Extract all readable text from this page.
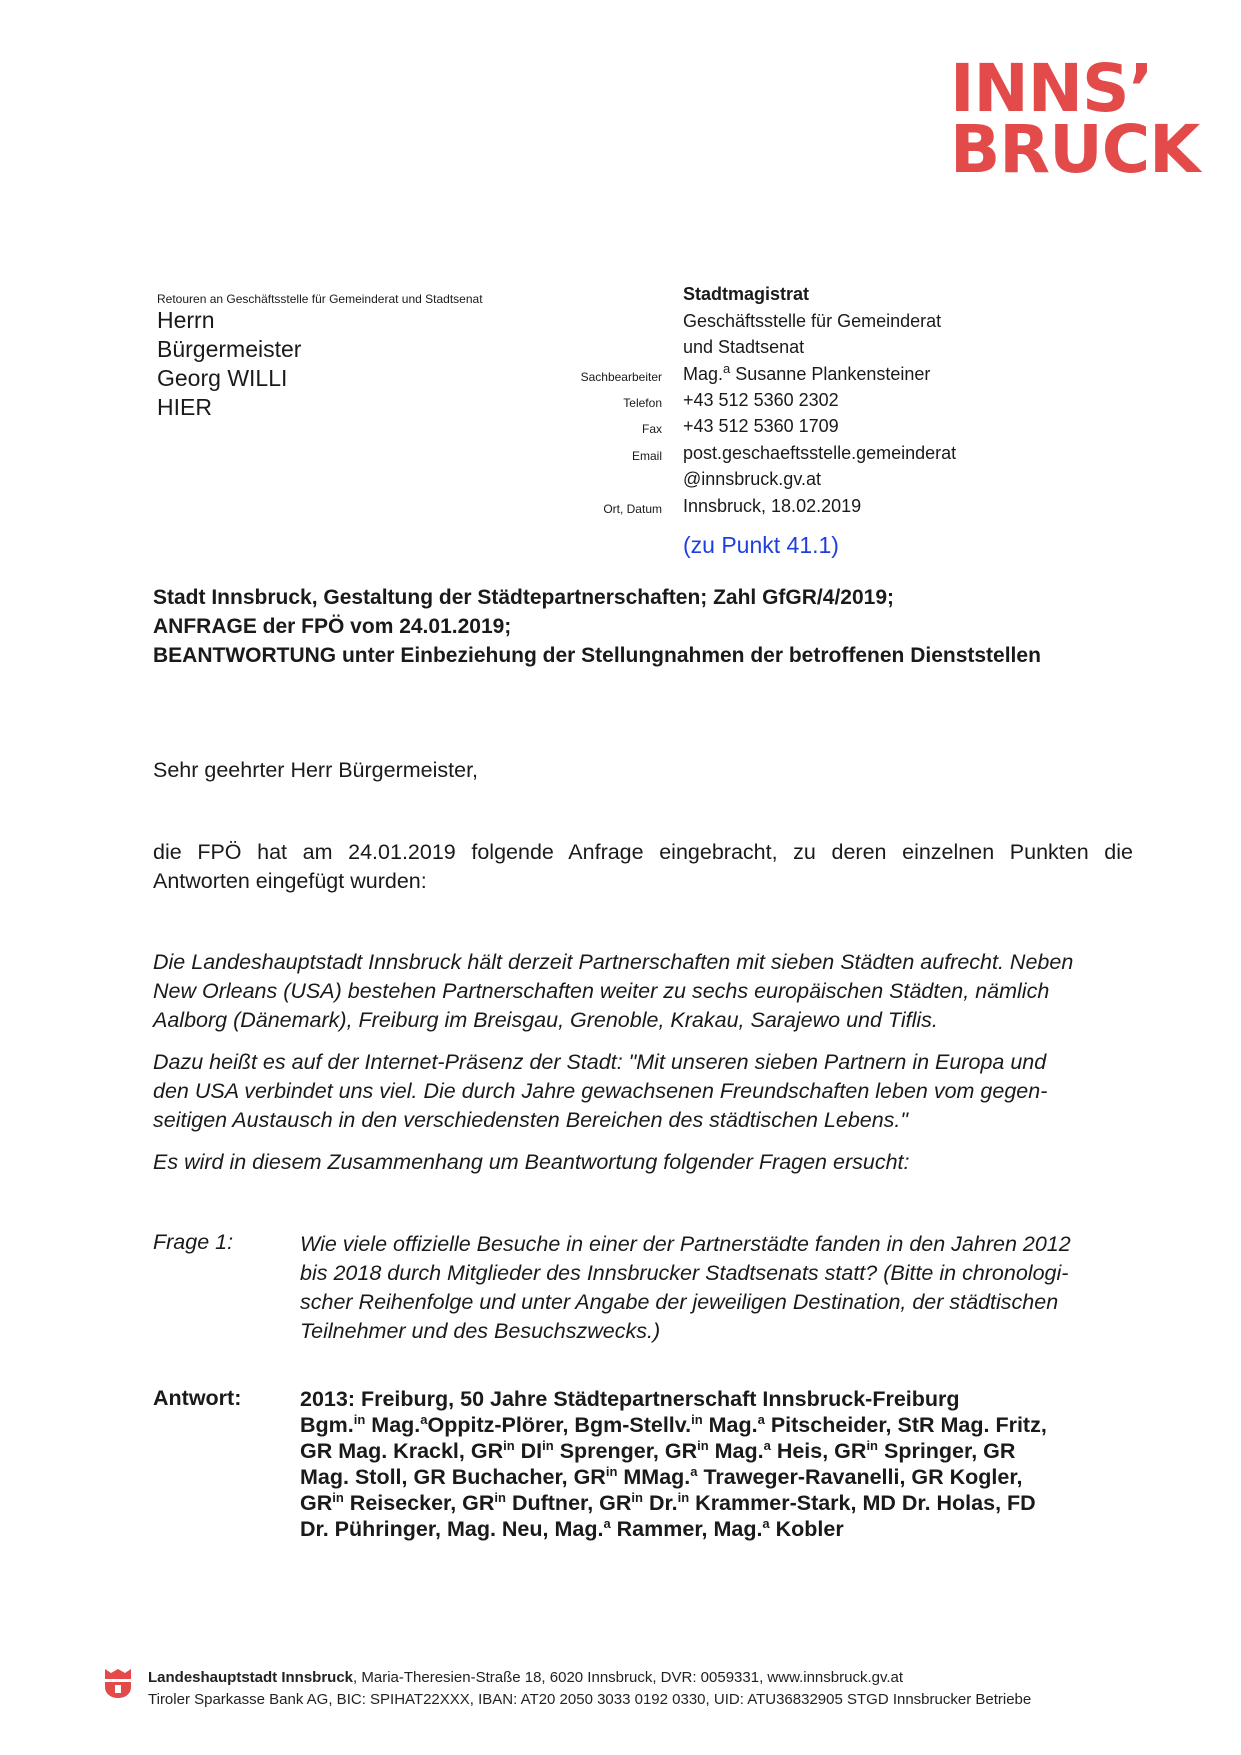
INNS’
BRUCK
Retouren an Geschäftsstelle für Gemeinderat und Stadtsenat
Herrn
Bürgermeister
Georg WILLI
HIER
Stadtmagistrat
Geschäftsstelle für Gemeinderat
und Stadtsenat
Sachbearbeiter Mag.$^a$ Susanne Plankensteiner
Telefon +43 512 5360 2302
Fax +43 512 5360 1709
Email post.geschaeftsstelle.gemeinderat
@innsbruck.gv.at
Ort, Datum Innsbruck, 18.02.2019
(zu Punkt 41.1)
Stadt Innsbruck, Gestaltung der Städtepartnerschaften; Zahl GfGR/4/2019;
ANFRAGE der FPÖ vom 24.01.2019;
BEANTWORTUNG unter Einbeziehung der Stellungnahmen der betroffenen Dienststellen
Sehr geehrter Herr Bürgermeister,
die FPÖ hat am 24.01.2019 folgende Anfrage eingebracht, zu deren einzelnen Punkten die
Antworten eingefügt wurden:
Die Landeshauptstadt Innsbruck hält derzeit Partnerschaften mit sieben Städten aufrecht. Neben
New Orleans (USA) bestehen Partnerschaften weiter zu sechs europäischen Städten, nämlich
Aalborg (Dänemark), Freiburg im Breisgau, Grenoble, Krakau, Sarajewo und Tiflis.
Dazu heißt es auf der Internet-Präsenz der Stadt: "Mit unseren sieben Partnern in Europa und
den USA verbindet uns viel. Die durch Jahre gewachsenen Freundschaften leben vom gegen-
seitigen Austausch in den verschiedensten Bereichen des städtischen Lebens."
Es wird in diesem Zusammenhang um Beantwortung folgender Fragen ersucht:
Frage 1:	Wie viele offizielle Besuche in einer der Partnerstädte fanden in den Jahren 2012
bis 2018 durch Mitglieder des Innsbrucker Stadtsenats statt? (Bitte in chronologi-
scher Reihenfolge und unter Angabe der jeweiligen Destination, der städtischen
Teilnehmer und des Besuchszwecks.)
Antwort:	2013: Freiburg, 50 Jahre Städtepartnerschaft Innsbruck-Freiburg
Bgm.$^{in}$ Mag.$^a$Oppitz-Plörer, Bgm-Stellv.$^{in}$ Mag.$^a$ Pitscheider, StR Mag. Fritz,
GR Mag. Krackl, $GR^{in}$ $DI^{in}$ Sprenger, $GR^{in}$ Mag.$^a$ Heis, $GR^{in}$ Springer, GR
Mag. Stoll, GR Buchacher, $GR^{in}$ MMag.$^a$ Traweger-Ravanelli, GR Kogler,
$GR^{in}$ Reisecker, $GR^{in}$ Duftner, $GR^{in}$ Dr.$^{in}$ Krammer-Stark, MD Dr. Holas, FD
Dr. Pühringer, Mag. Neu, Mag.$^a$ Rammer, Mag.$^a$ Kobler
Landeshauptstadt Innsbruck, Maria-Theresien-Straße 18, 6020 Innsbruck, DVR: 0059331, www.innsbruck.gv.at
Tiroler Sparkasse Bank AG, BIC: SPIHAT22XXX, IBAN: AT20 2050 3033 0192 0330, UID: ATU36832905 STGD Innsbrucker Betriebe
